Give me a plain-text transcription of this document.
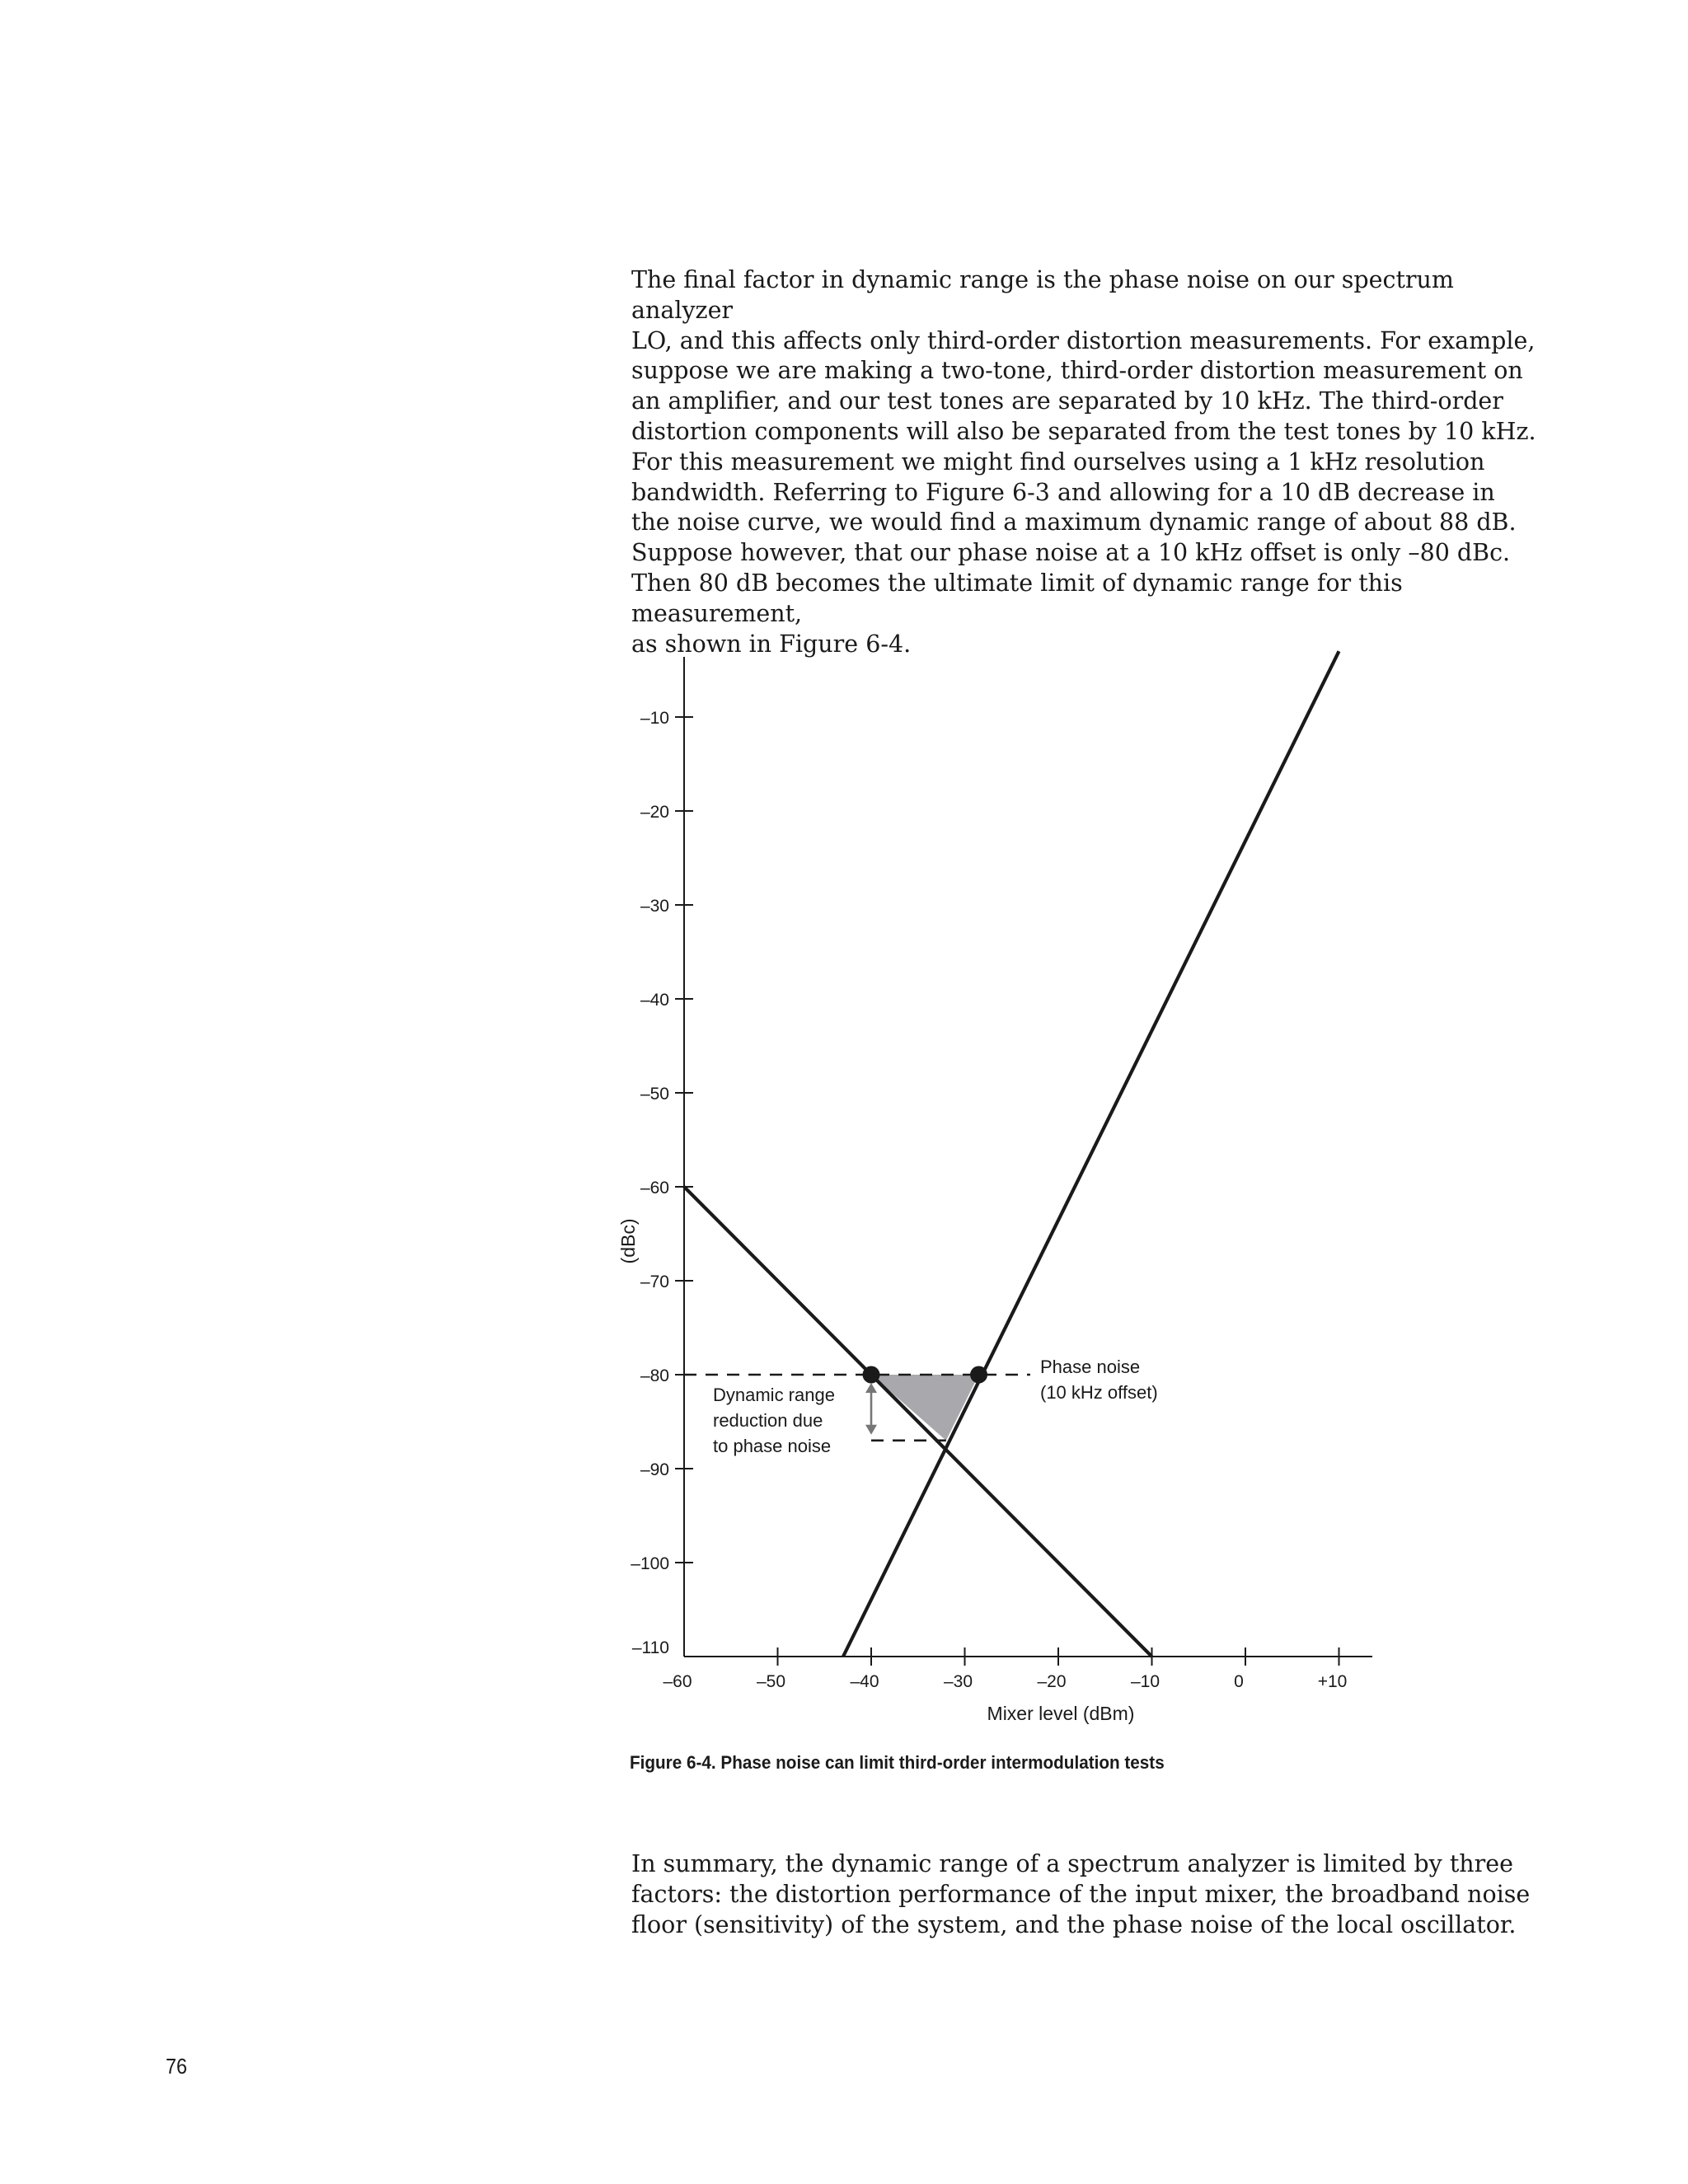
The final factor in dynamic range is the phase noise on our spectrum analyzer
LO, and this affects only third-order distortion measurements. For example,
suppose we are making a two-tone, third-order distortion measurement on
an amplifier, and our test tones are separated by 10 kHz. The third-order
distortion components will also be separated from the test tones by 10 kHz.
For this measurement we might find ourselves using a 1 kHz resolution
bandwidth. Referring to Figure 6-3 and allowing for a 10 dB decrease in
the noise curve, we would find a maximum dynamic range of about 88 dB.
Suppose however, that our phase noise at a 10 kHz offset is only –80 dBc.
Then 80 dB becomes the ultimate limit of dynamic range for this measurement,
as shown in Figure 6-4.

–10
–20
–30
–40
–50
–60
–70
–80
–90
–100
–110
–60	–50	–40	–30	–20	–10	0	+10
Phase noise
(10 kHz offset)
Dynamic range
reduction due
to phase noise
Mixer level (dBm)
(dBc)

Figure 6-4. Phase noise can limit third-order intermodulation tests

In summary, the dynamic range of a spectrum analyzer is limited by three
factors: the distortion performance of the input mixer, the broadband noise
floor (sensitivity) of the system, and the phase noise of the local oscillator.

76
